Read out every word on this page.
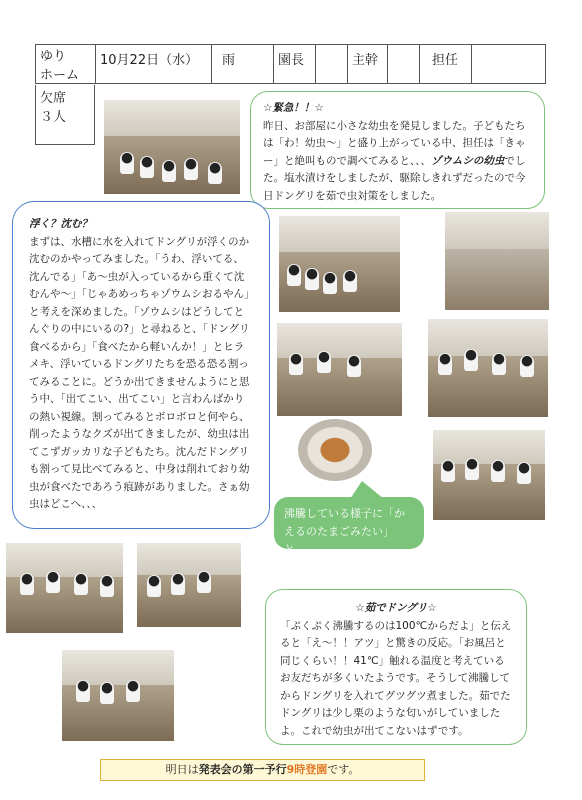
ゆり
ホーム
	10月22日（水）	雨	園長		主幹		担任	
欠席
３人
☆緊急！！☆
昨日、お部屋に小さな幼虫を発見しました。子どもたちは「わ！幼虫～」と盛り上がっている中、担任は「きゃー」と絶叫もので調べてみると、、、ゾウムシの幼虫でした。塩水漬けをしましたが、駆除しきれずだったので今日ドングリを茹で虫対策をしました。
浮く？沈む？
まずは、水槽に水を入れてドングリが浮くのか沈むのかやってみました。「うわ、浮いてる、沈んでる」「あ～虫が入っているから重くて沈むんや～」「じゃあめっちゃゾウムシおるやん」と考えを深めました。「ゾウムシはどうしてとんぐりの中にいるの?」と尋ねると、「ドングリ食べるから」「食べたから軽いんか！」とヒラメキ、浮いているドングリたちを恐る恐る割ってみることに。どうか出てきませんようにと思う中、「出てこい、出てこい」と言わんばかりの熱い視線。割ってみるとボロボロと何やら、削ったようなクズが出てきましたが、幼虫は出てこずガッカリな子どもたち。沈んだドングリも割って見比べてみると、中身は削れており幼虫が食べたであろう痕跡がありました。さぁ幼虫はどこへ、、、
沸騰している様子に「かえるのたまごみたい」と。
☆茹でドングリ☆
「ぷくぷく沸騰するのは100℃からだよ」と伝えると「え～！！アツ」と驚きの反応。「お風呂と同じくらい！！41℃」触れる温度と考えているお友だちが多くいたようです。そうして沸騰してからドングリを入れてグツグツ煮ました。茹でたドングリは少し栗のような匂いがしていましたよ。これで幼虫が出てこないはずです。
明日は発表会の第一予行9時登園です。
